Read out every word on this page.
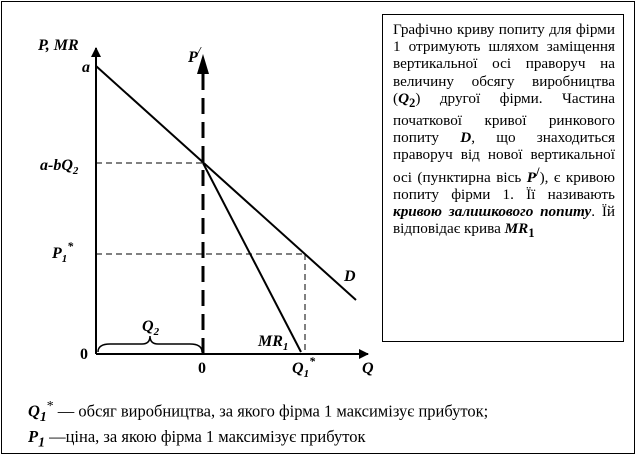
P, MR
a
P/
$a-bQ_2$
$P_1^*$
$Q_2$
0
0
D
$MR_1$
$Q_1^*$	Q
Графічно криву попиту для фірми 1 отримують шляхом заміщення вертикальної осі праворуч на величину обсягу виробництва $(Q_2)$ другої фірми. Частина початкової кривої ринкового попиту D, що знаходиться праворуч від нової вертикальної осі (пунктирна вісь P/), є кривою попиту фірми 1. Її називають кривою залишкового попиту. Їй відповідає крива $MR_1$
$Q_1^*$ — обсяг виробництва, за якого фірма 1 максимізує прибуток;
$P_1$ —ціна, за якою фірма 1 максимізує прибуток
